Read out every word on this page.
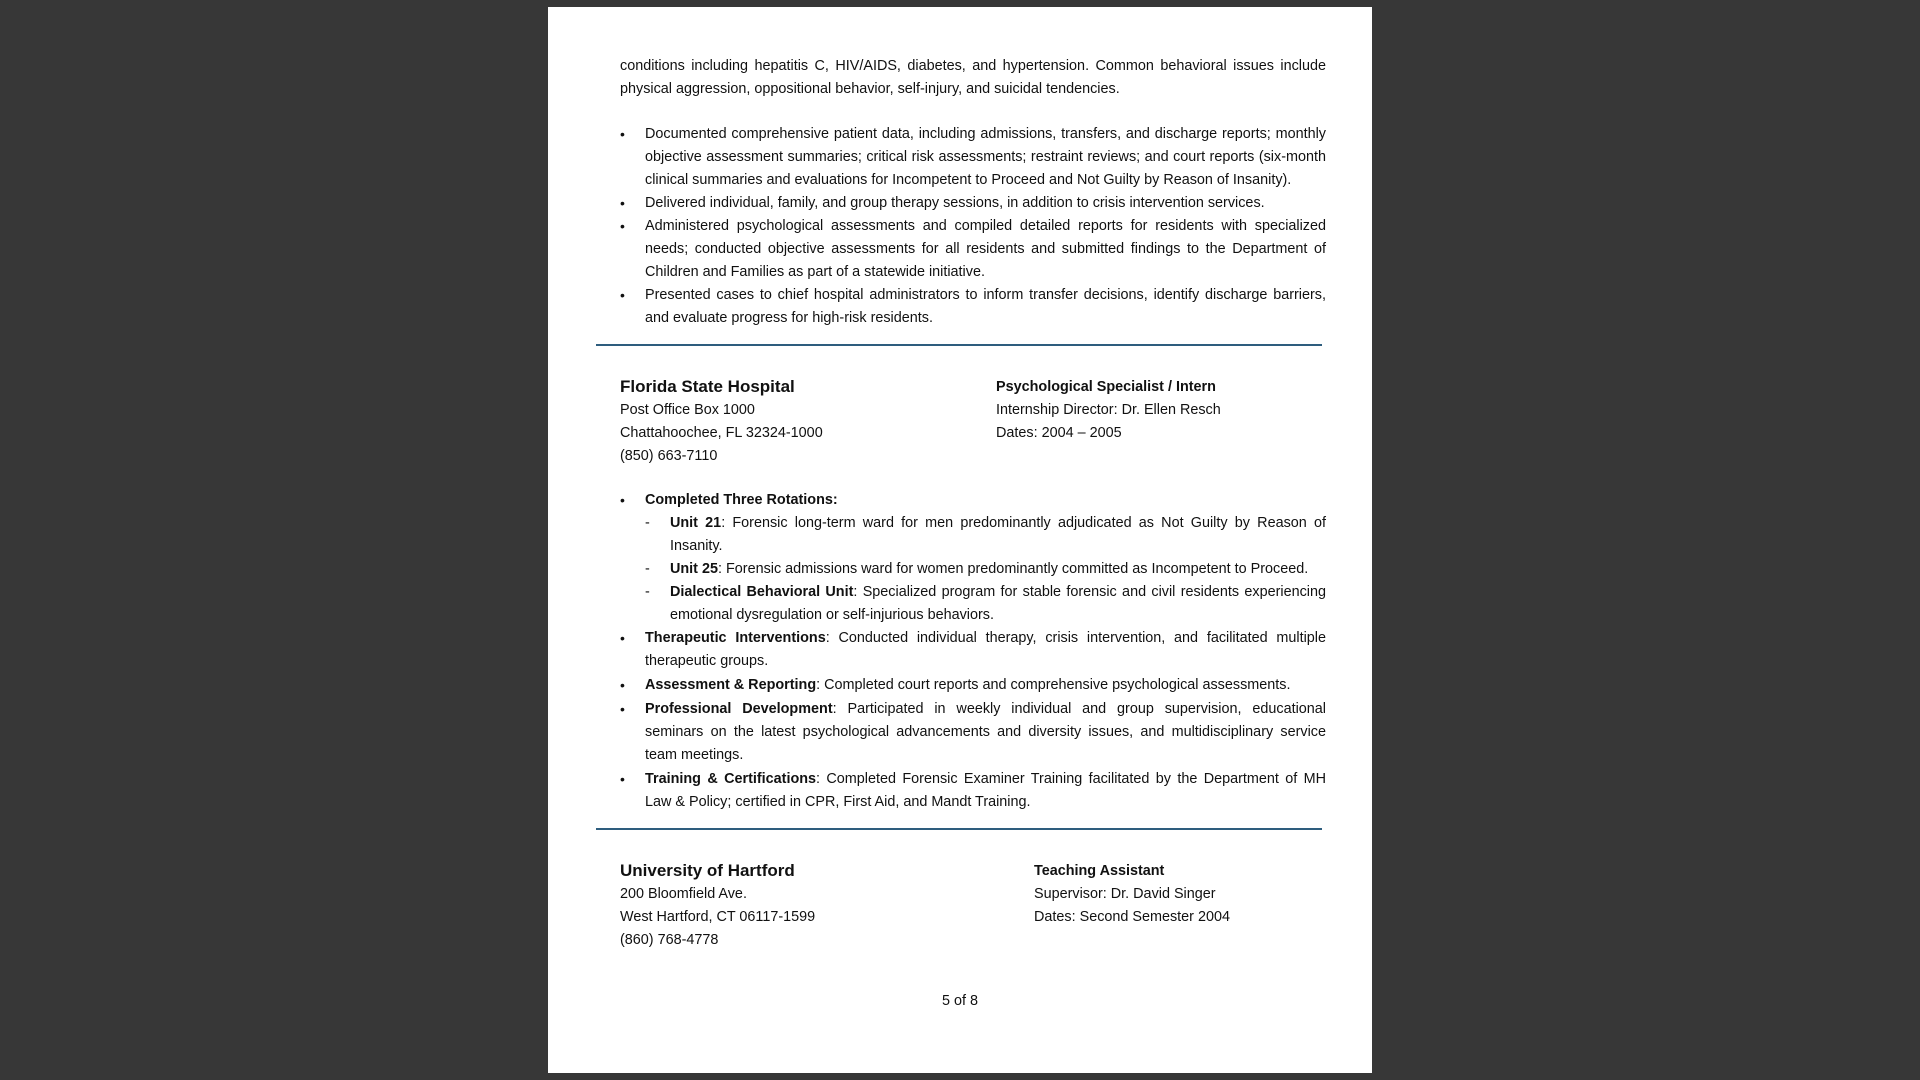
conditions including hepatitis C, HIV/AIDS, diabetes, and hypertension. Common behavioral issues include physical aggression, oppositional behavior, self-injury, and suicidal tendencies.

• Documented comprehensive patient data, including admissions, transfers, and discharge reports; monthly objective assessment summaries; critical risk assessments; restraint reviews; and court reports (six-month clinical summaries and evaluations for Incompetent to Proceed and Not Guilty by Reason of Insanity).
• Delivered individual, family, and group therapy sessions, in addition to crisis intervention services.
• Administered psychological assessments and compiled detailed reports for residents with specialized needs; conducted objective assessments for all residents and submitted findings to the Department of Children and Families as part of a statewide initiative.
• Presented cases to chief hospital administrators to inform transfer decisions, identify discharge barriers, and evaluate progress for high-risk residents.
Florida State Hospital
Post Office Box 1000
Chattahoochee, FL 32324-1000
(850) 663-7110
Psychological Specialist / Intern
Internship Director: Dr. Ellen Resch
Dates: 2004 – 2005
• Completed Three Rotations:
- Unit 21: Forensic long-term ward for men predominantly adjudicated as Not Guilty by Reason of Insanity.
- Unit 25: Forensic admissions ward for women predominantly committed as Incompetent to Proceed.
- Dialectical Behavioral Unit: Specialized program for stable forensic and civil residents experiencing emotional dysregulation or self-injurious behaviors.
• Therapeutic Interventions: Conducted individual therapy, crisis intervention, and facilitated multiple therapeutic groups.
• Assessment & Reporting: Completed court reports and comprehensive psychological assessments.
• Professional Development: Participated in weekly individual and group supervision, educational seminars on the latest psychological advancements and diversity issues, and multidisciplinary service team meetings.
• Training & Certifications: Completed Forensic Examiner Training facilitated by the Department of MH Law & Policy; certified in CPR, First Aid, and Mandt Training.
University of Hartford
200 Bloomfield Ave.
West Hartford, CT 06117-1599
(860) 768-4778
Teaching Assistant
Supervisor: Dr. David Singer
Dates: Second Semester 2004
5 of 8
